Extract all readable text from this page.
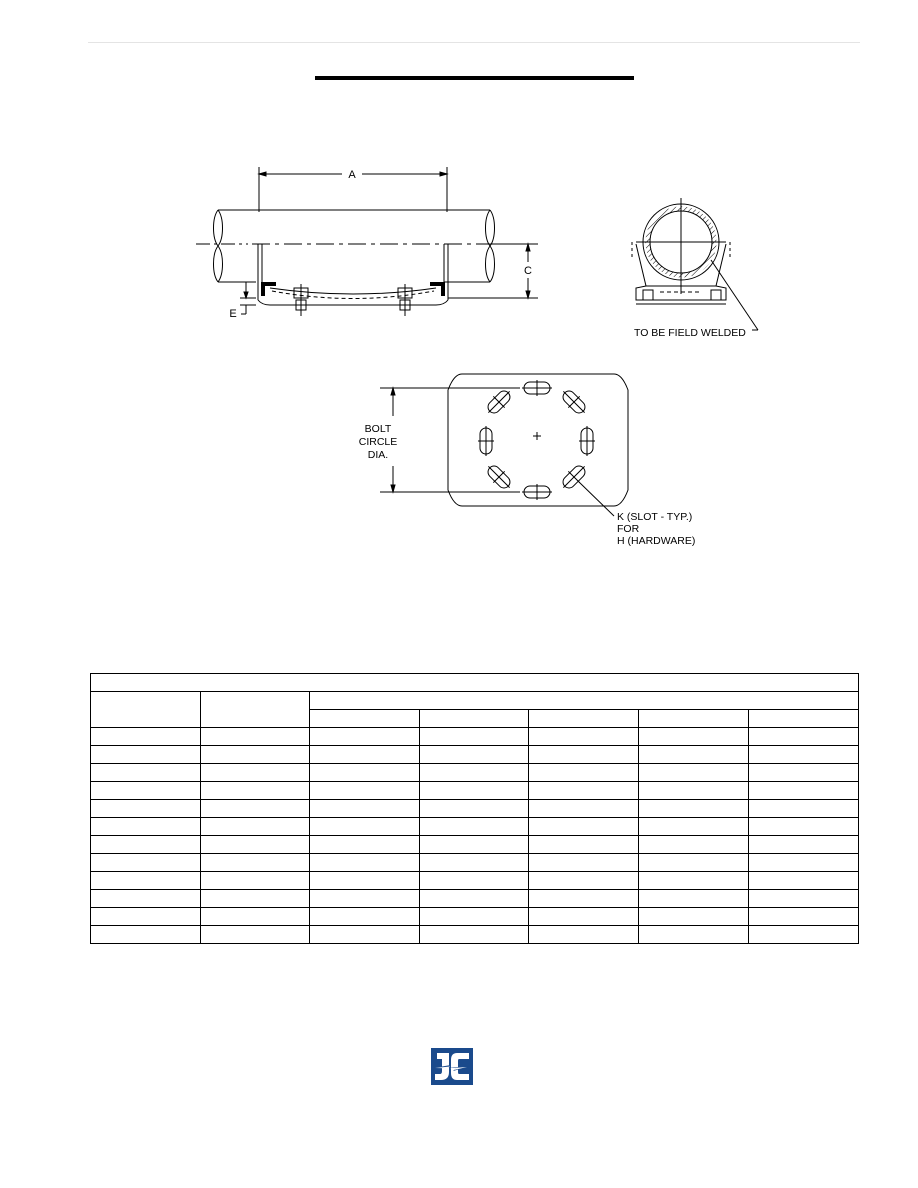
A
C
E
TO BE FIELD WELDED
BOLT
CIRCLE
DIA.
K (SLOT - TYP.)
FOR
H (HARDWARE)
